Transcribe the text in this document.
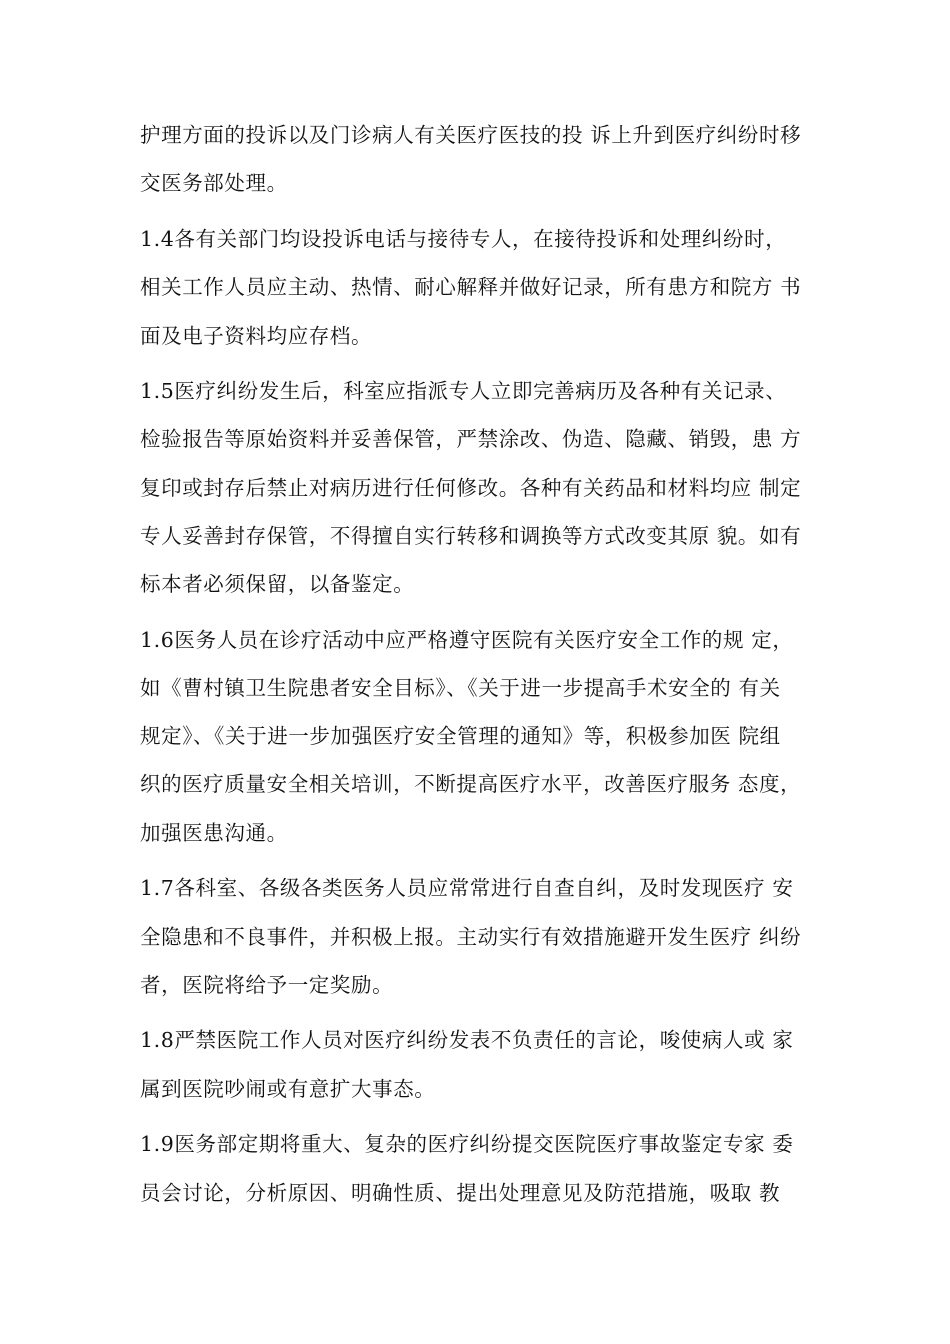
护理方面的投诉以及门诊病人有关医疗医技的投 诉上升到医疗纠纷时移
交医务部处理。
1.4各有关部门均设投诉电话与接待专人，在接待投诉和处理纠纷时，
相关工作人员应主动、热情、耐心解释并做好记录，所有患方和院方 书
面及电子资料均应存档。
1.5医疗纠纷发生后，科室应指派专人立即完善病历及各种有关记录、
检验报告等原始资料并妥善保管，严禁涂改、伪造、隐藏、销毁，患 方
复印或封存后禁止对病历进行任何修改。各种有关药品和材料均应 制定
专人妥善封存保管，不得擅自实行转移和调换等方式改变其原 貌。如有
标本者必须保留，以备鉴定。
1.6医务人员在诊疗活动中应严格遵守医院有关医疗安全工作的规 定，
如《曹村镇卫生院患者安全目标》、《关于进一步提高手术安全的 有关
规定》、《关于进一步加强医疗安全管理的通知》等，积极参加医 院组
织的医疗质量安全相关培训，不断提高医疗水平，改善医疗服务 态度，
加强医患沟通。
1.7各科室、各级各类医务人员应常常进行自查自纠，及时发现医疗 安
全隐患和不良事件，并积极上报。主动实行有效措施避开发生医疗 纠纷
者，医院将给予一定奖励。
1.8严禁医院工作人员对医疗纠纷发表不负责任的言论，唆使病人或 家
属到医院吵闹或有意扩大事态。
1.9医务部定期将重大、复杂的医疗纠纷提交医院医疗事故鉴定专家 委
员会讨论，分析原因、明确性质、提出处理意见及防范措施，吸取 教
